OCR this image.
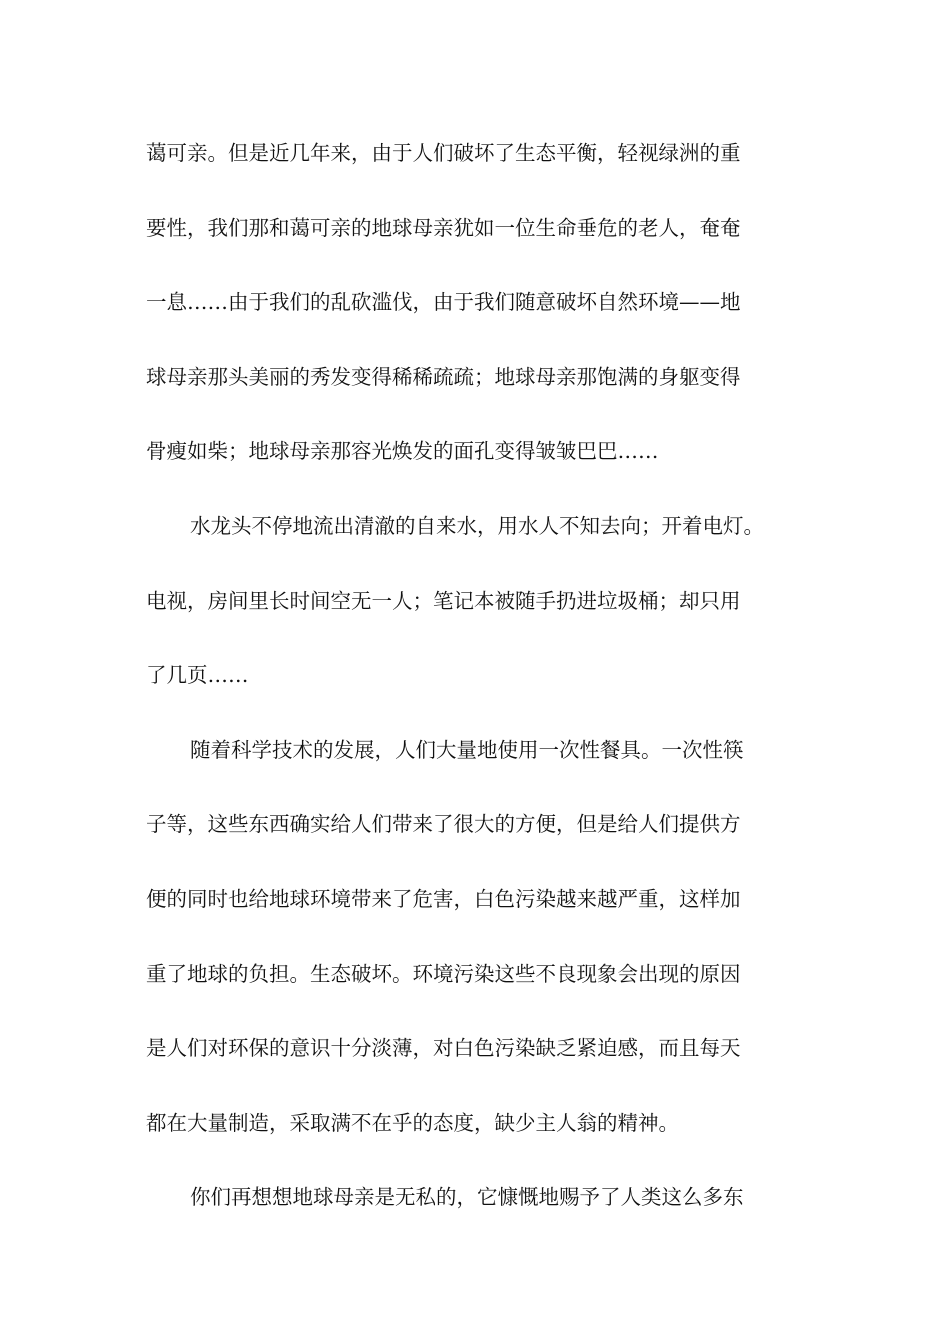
蔼可亲。但是近几年来，由于人们破坏了生态平衡，轻视绿洲的重
要性，我们那和蔼可亲的地球母亲犹如一位生命垂危的老人，奄奄
一息……由于我们的乱砍滥伐，由于我们随意破坏自然环境——地
球母亲那头美丽的秀发变得稀稀疏疏；地球母亲那饱满的身躯变得
骨瘦如柴；地球母亲那容光焕发的面孔变得皱皱巴巴……
水龙头不停地流出清澈的自来水，用水人不知去向；开着电灯。
电视，房间里长时间空无一人；笔记本被随手扔进垃圾桶；却只用
了几页……
随着科学技术的发展，人们大量地使用一次性餐具。一次性筷
子等，这些东西确实给人们带来了很大的方便，但是给人们提供方
便的同时也给地球环境带来了危害，白色污染越来越严重，这样加
重了地球的负担。生态破坏。环境污染这些不良现象会出现的原因
是人们对环保的意识十分淡薄，对白色污染缺乏紧迫感，而且每天
都在大量制造，采取满不在乎的态度，缺少主人翁的精神。
你们再想想地球母亲是无私的，它慷慨地赐予了人类这么多东
